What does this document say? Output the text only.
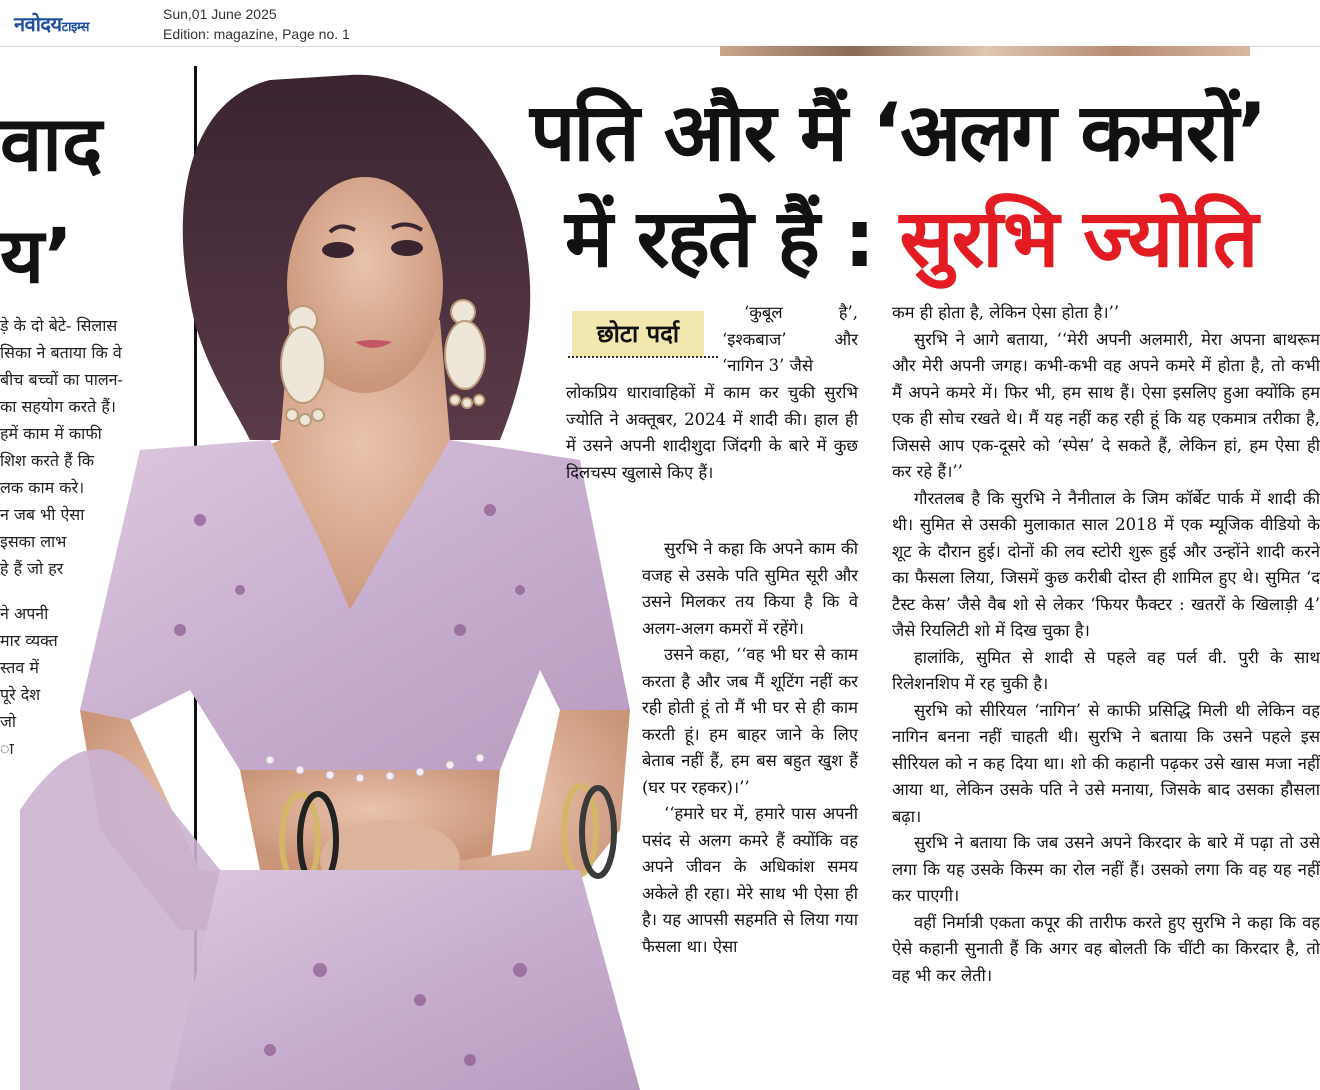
नवोदयटाइम्स
Sun,01 June 2025
Edition: magazine, Page no. 1
वाद
य’

ड़े के दो बेटे- सिलास

सिका ने बताया कि वे

बीच बच्चों का पालन-

का सहयोग करते हैं।

हमें काम में काफी

शिश करते हैं कि

लक काम करे।

न जब भी ऐसा

इसका लाभ

हे हैं जो हर

ने अपनी

मार व्यक्त

स्तव में

पूरे देश

जो

ा

पति और मैं ‘अलग कमरों’
में रहते हैं : सुरभि ज्योति
छोटा पर्दा

‘कुबूल है’, ‘इश्कबाज’ और ‘नागिन 3’ जैसे

लोकप्रिय धारावाहिकों में काम कर चुकी सुरभि ज्योति ने अक्तूबर, 2024 में शादी की। हाल ही में उसने अपनी शादीशुदा जिंदगी के बारे में कुछ दिलचस्प खुलासे किए हैं।

सुरभि ने कहा कि अपने काम की वजह से उसके पति सुमित सूरी और उसने मिलकर तय किया है कि वे अलग-अलग कमरों में रहेंगे।

उसने कहा, ‘‘वह भी घर से काम करता है और जब मैं शूटिंग नहीं कर रही होती हूं तो मैं भी घर से ही काम करती हूं। हम बाहर जाने के लिए बेताब नहीं हैं, हम बस बहुत खुश हैं (घर पर रहकर)।’’

‘‘हमारे घर में, हमारे पास अपनी पसंद से अलग कमरे हैं क्योंकि वह अपने जीवन के अधिकांश समय अकेले ही रहा। मेरे साथ भी ऐसा ही है। यह आपसी सहमति से लिया गया फैसला था। ऐसा

कम ही होता है, लेकिन ऐसा होता है।’’

सुरभि ने आगे बताया, ‘‘मेरी अपनी अलमारी, मेरा अपना बाथरूम और मेरी अपनी जगह। कभी-कभी वह अपने कमरे में होता है, तो कभी मैं अपने कमरे में। फिर भी, हम साथ हैं। ऐसा इसलिए हुआ क्योंकि हम एक ही सोच रखते थे। मैं यह नहीं कह रही हूं कि यह एकमात्र तरीका है, जिससे आप एक-दूसरे को ‘स्पेस’ दे सकते हैं, लेकिन हां, हम ऐसा ही कर रहे हैं।’’

गौरतलब है कि सुरभि ने नैनीताल के जिम कॉर्बेट पार्क में शादी की थी। सुमित से उसकी मुलाकात साल 2018 में एक म्यूजिक वीडियो के शूट के दौरान हुई। दोनों की लव स्टोरी शुरू हुई और उन्होंने शादी करने का फैसला लिया, जिसमें कुछ करीबी दोस्त ही शामिल हुए थे। सुमित ‘द टैस्ट केस’ जैसे वैब शो से लेकर ‘फियर फैक्टर : खतरों के खिलाड़ी 4’ जैसे रियलिटी शो में दिख चुका है।

हालांकि, सुमित से शादी से पहले वह पर्ल वी. पुरी के साथ रिलेशनशिप में रह चुकी है।

सुरभि को सीरियल ‘नागिन’ से काफी प्रसिद्धि मिली थी लेकिन वह नागिन बनना नहीं चाहती थी। सुरभि ने बताया कि उसने पहले इस सीरियल को न कह दिया था। शो की कहानी पढ़कर उसे खास मजा नहीं आया था, लेकिन उसके पति ने उसे मनाया, जिसके बाद उसका हौसला बढ़ा।

सुरभि ने बताया कि जब उसने अपने किरदार के बारे में पढ़ा तो उसे लगा कि यह उसके किस्म का रोल नहीं हैं। उसको लगा कि वह यह नहीं कर पाएगी।

वहीं निर्मात्री एकता कपूर की तारीफ करते हुए सुरभि ने कहा कि वह ऐसे कहानी सुनाती हैं कि अगर वह बोलती कि चींटी का किरदार है, तो वह भी कर लेती।
